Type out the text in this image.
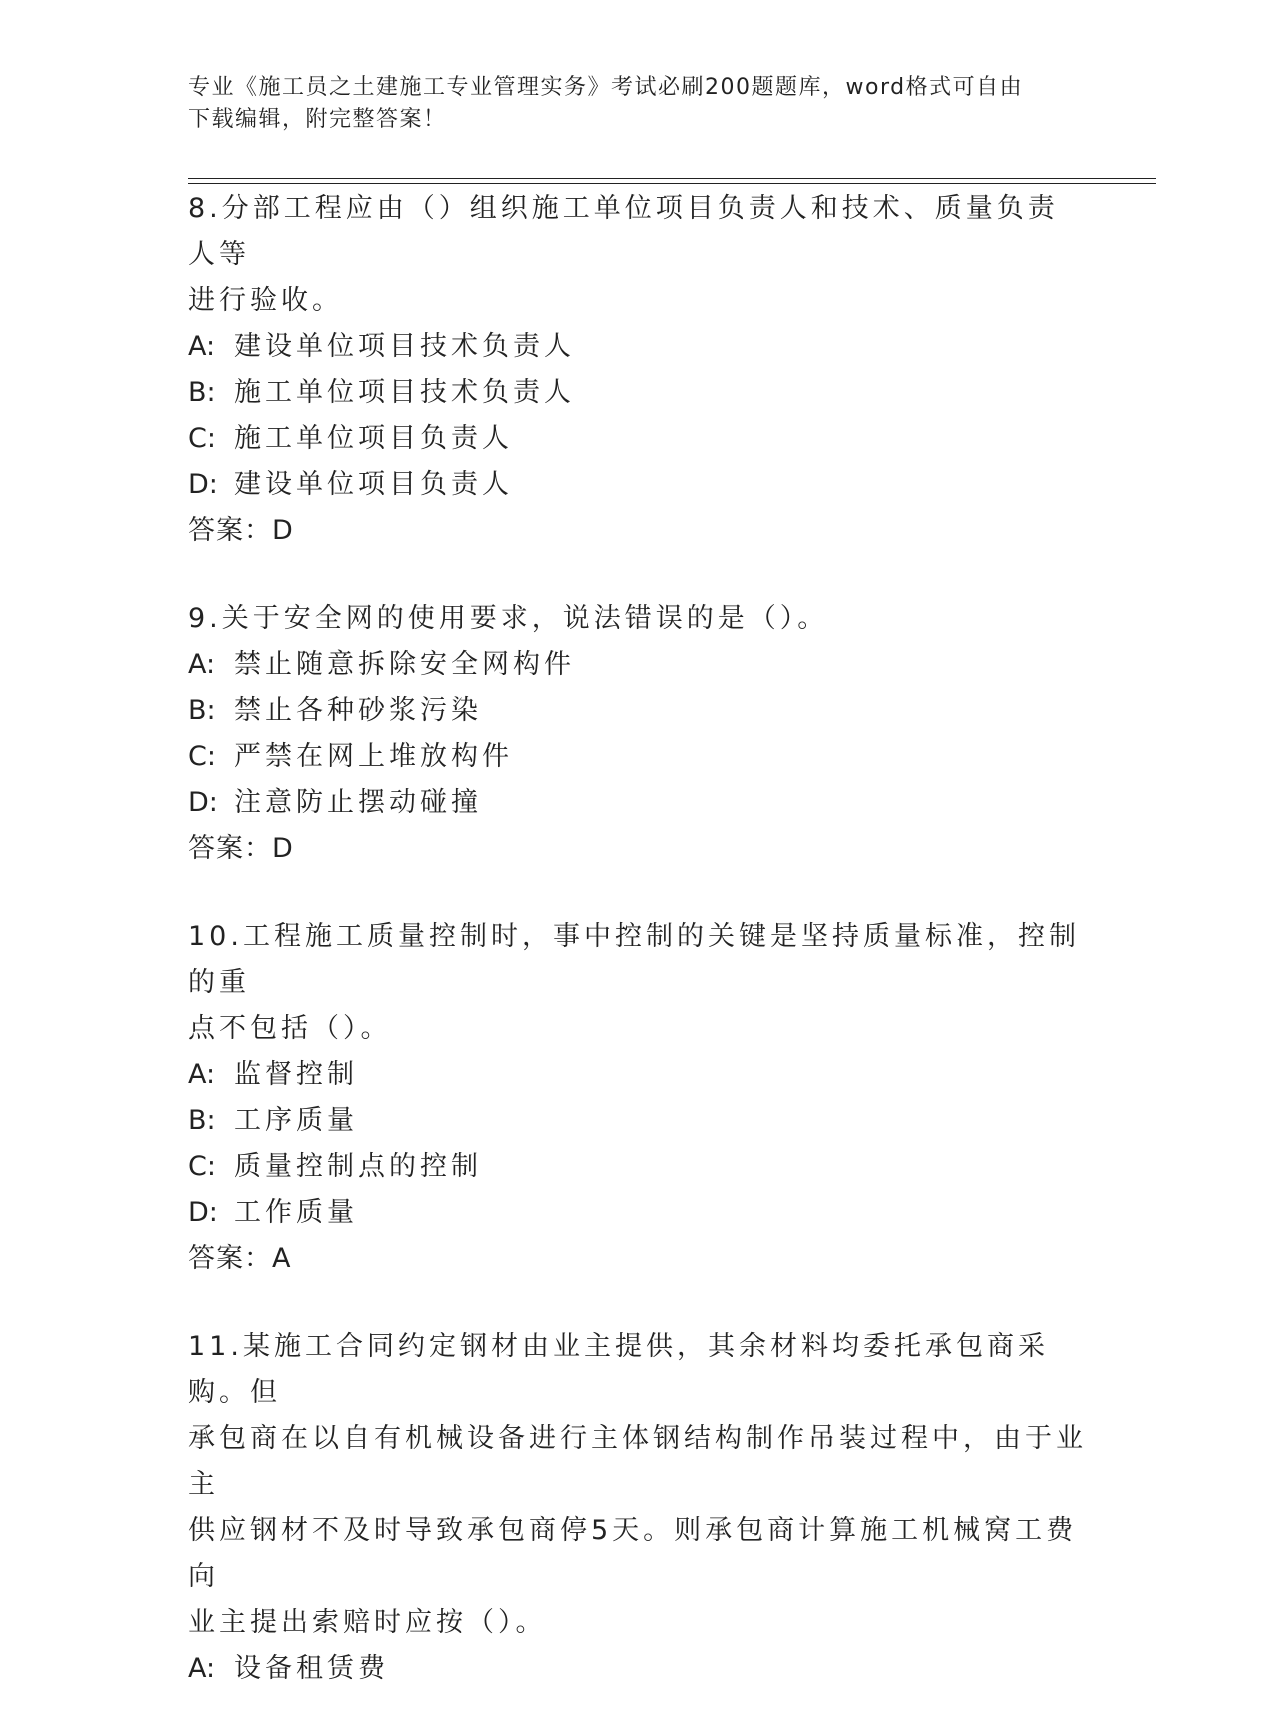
专业《施工员之土建施工专业管理实务》考试必刷200题题库，word格式可自由
下载编辑，附完整答案！
8.分部工程应由（）组织施工单位项目负责人和技术、质量负责人等
进行验收。
A: 建设单位项目技术负责人
B: 施工单位项目技术负责人
C: 施工单位项目负责人
D: 建设单位项目负责人
答案：D
9.关于安全网的使用要求，说法错误的是（）。
A: 禁止随意拆除安全网构件
B: 禁止各种砂浆污染
C: 严禁在网上堆放构件
D: 注意防止摆动碰撞
答案：D
10.工程施工质量控制时，事中控制的关键是坚持质量标准，控制的重
点不包括（）。
A: 监督控制
B: 工序质量
C: 质量控制点的控制
D: 工作质量
答案：A
11.某施工合同约定钢材由业主提供，其余材料均委托承包商采购。但
承包商在以自有机械设备进行主体钢结构制作吊装过程中，由于业主
供应钢材不及时导致承包商停5天。则承包商计算施工机械窝工费向
业主提出索赔时应按（）。
A: 设备租赁费
